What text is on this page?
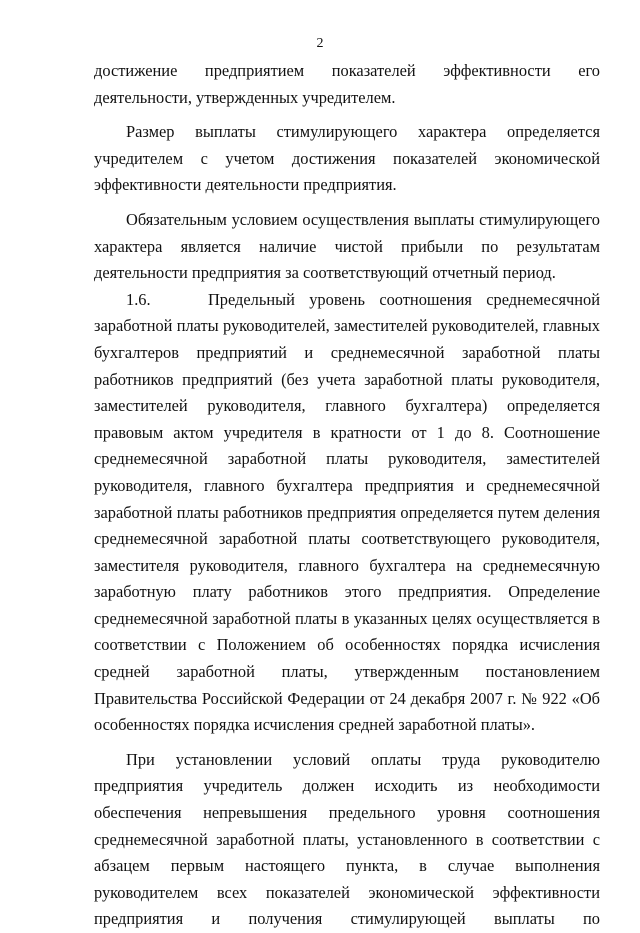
2

достижение предприятием показателей эффективности его деятельности, утвержденных учредителем.

Размер выплаты стимулирующего характера определяется учредителем с учетом достижения показателей экономической эффективности деятельности предприятия.

Обязательным условием осуществления выплаты стимулирующего характера является наличие чистой прибыли по результатам деятельности предприятия за соответствующий отчетный период.

1.6.    Предельный уровень соотношения среднемесячной заработной платы руководителей, заместителей руководителей, главных бухгалтеров предприятий и среднемесячной заработной платы работников предприятий (без учета заработной платы руководителя, заместителей руководителя, главного бухгалтера) определяется правовым актом учредителя в кратности от 1 до 8. Соотношение среднемесячной заработной платы руководителя, заместителей руководителя, главного бухгалтера предприятия и среднемесячной заработной платы работников предприятия определяется путем деления среднемесячной заработной платы соответствующего руководителя, заместителя руководителя, главного бухгалтера на среднемесячную заработную плату работников этого предприятия. Определение среднемесячной заработной платы в указанных целях осуществляется в соответствии с Положением об особенностях порядка исчисления средней заработной платы, утвержденным постановлением Правительства Российской Федерации от 24 декабря 2007 г. № 922 «Об особенностях порядка исчисления средней заработной платы».

При установлении условий оплаты труда руководителю предприятия учредитель должен исходить из необходимости обеспечения непревышения предельного уровня соотношения среднемесячной заработной платы, установленного в соответствии с абзацем первым настоящего пункта, в случае выполнения руководителем всех показателей экономической эффективности предприятия и получения стимулирующей выплаты по
